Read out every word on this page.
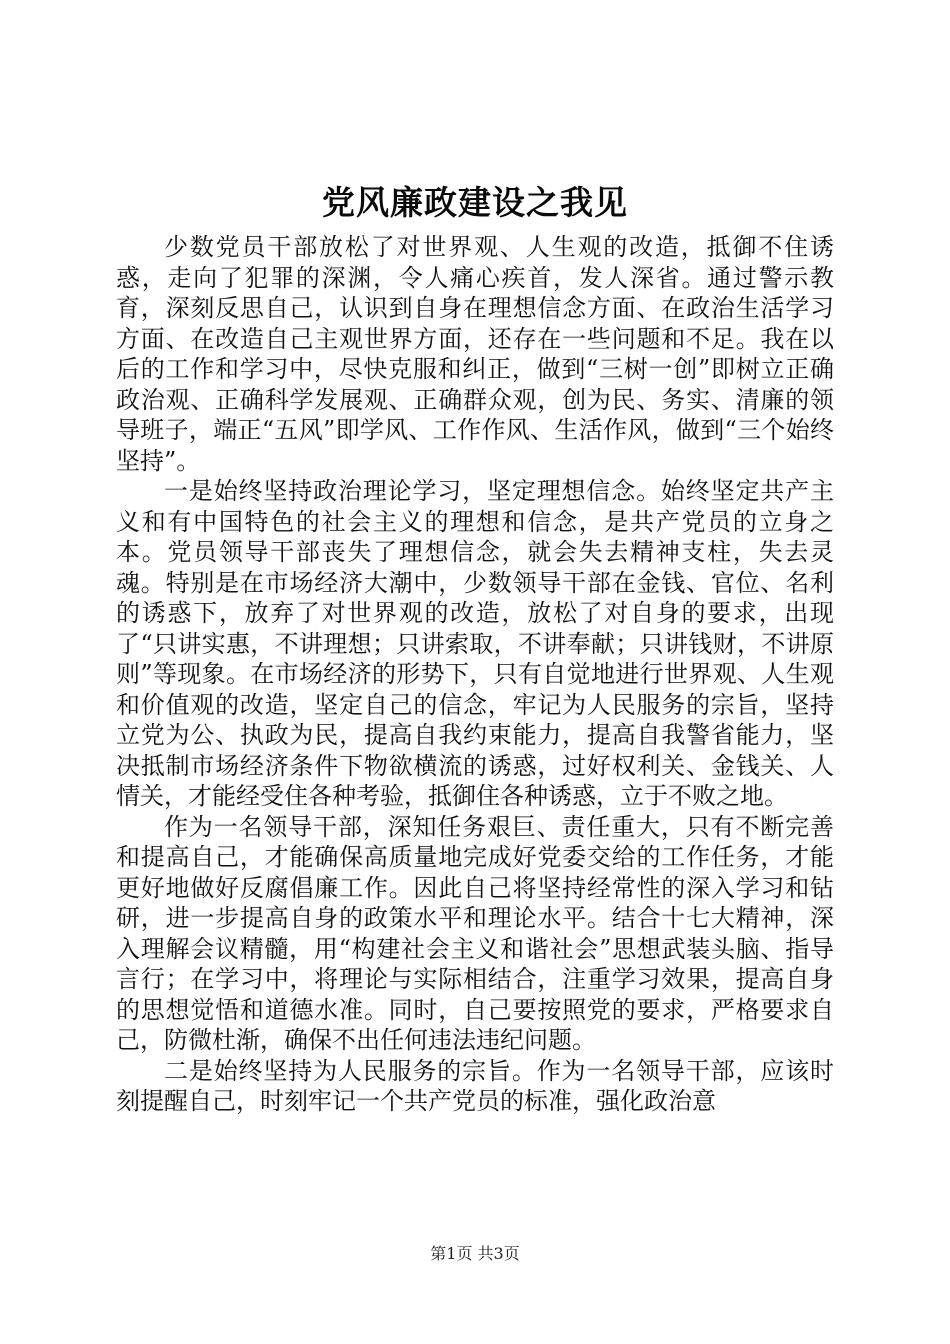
党风廉政建设之我见

少数党员干部放松了对世界观、人生观的改造，抵御不住诱惑，走向了犯罪的深渊，令人痛心疾首，发人深省。通过警示教育，深刻反思自己，认识到自身在理想信念方面、在政治生活学习方面、在改造自己主观世界方面，还存在一些问题和不足。我在以后的工作和学习中，尽快克服和纠正，做到“三树一创”即树立正确政治观、正确科学发展观、正确群众观，创为民、务实、清廉的领导班子，端正“五风”即学风、工作作风、生活作风，做到“三个始终坚持”。

一是始终坚持政治理论学习，坚定理想信念。始终坚定共产主义和有中国特色的社会主义的理想和信念，是共产党员的立身之本。党员领导干部丧失了理想信念，就会失去精神支柱，失去灵魂。特别是在市场经济大潮中，少数领导干部在金钱、官位、名利的诱惑下，放弃了对世界观的改造，放松了对自身的要求，出现了“只讲实惠，不讲理想；只讲索取，不讲奉献；只讲钱财，不讲原则”等现象。在市场经济的形势下，只有自觉地进行世界观、人生观和价值观的改造，坚定自己的信念，牢记为人民服务的宗旨，坚持立党为公、执政为民，提高自我约束能力，提高自我警省能力，坚决抵制市场经济条件下物欲横流的诱惑，过好权利关、金钱关、人情关，才能经受住各种考验，抵御住各种诱惑，立于不败之地。

作为一名领导干部，深知任务艰巨、责任重大，只有不断完善和提高自己，才能确保高质量地完成好党委交给的工作任务，才能更好地做好反腐倡廉工作。因此自己将坚持经常性的深入学习和钻研，进一步提高自身的政策水平和理论水平。结合十七大精神，深入理解会议精髓，用“构建社会主义和谐社会”思想武装头脑、指导言行；在学习中，将理论与实际相结合，注重学习效果，提高自身的思想觉悟和道德水准。同时，自己要按照党的要求，严格要求自己，防微杜渐，确保不出任何违法违纪问题。

二是始终坚持为人民服务的宗旨。作为一名领导干部，应该时刻提醒自己，时刻牢记一个共产党员的标准，强化政治意

第1页 共3页
